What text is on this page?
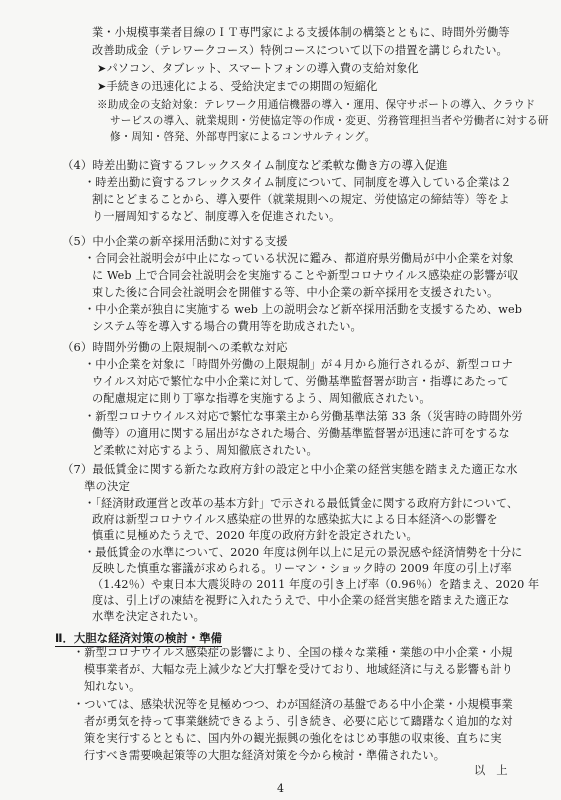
業・小規模事業者目線のＩＴ専門家による支援体制の構築とともに、時間外労働等
改善助成金（テレワークコース）特例コースについて以下の措置を講じられたい。
➤パソコン、タブレット、スマートフォンの導入費の支給対象化
➤手続きの迅速化による、受給決定までの期間の短縮化
※助成金の支給対象：テレワーク用通信機器の導入・運用、保守サポートの導入、クラウド
サービスの導入、就業規則・労使協定等の作成・変更、労務管理担当者や労働者に対する研
修・周知・啓発、外部専門家によるコンサルティング。
（4）時差出勤に資するフレックスタイム制度など柔軟な働き方の導入促進
・時差出勤に資するフレックスタイム制度について、同制度を導入している企業は２
割にとどまることから、導入要件（就業規則への規定、労使協定の締結等）等をよ
り一層周知するなど、制度導入を促進されたい。
（5）中小企業の新卒採用活動に対する支援
・合同会社説明会が中止になっている状況に鑑み、都道府県労働局が中小企業を対象
に Web 上で合同会社説明会を実施することや新型コロナウイルス感染症の影響が収
束した後に合同会社説明会を開催する等、中小企業の新卒採用を支援されたい。
・中小企業が独自に実施する web 上の説明会など新卒採用活動を支援するため、web
システム等を導入する場合の費用等を助成されたい。
（6）時間外労働の上限規制への柔軟な対応
・中小企業を対象に「時間外労働の上限規制」が４月から施行されるが、新型コロナ
ウイルス対応で繁忙な中小企業に対して、労働基準監督署が助言・指導にあたって
の配慮規定に則り丁寧な指導を実施するよう、周知徹底されたい。
・新型コロナウイルス対応で繁忙な事業主から労働基準法第 33 条（災害時の時間外労
働等）の適用に関する届出がなされた場合、労働基準監督署が迅速に許可をするな
ど柔軟に対応するよう、周知徹底されたい。
（7）最低賃金に関する新たな政府方針の設定と中小企業の経営実態を踏まえた適正な水
準の決定
Ⅱ．大胆な経済対策の検討・準備
以　上
4
・「経済財政運営と改革の基本方針」で示される最低賃金に関する政府方針について、
政府は新型コロナウイルス感染症の世界的な感染拡大による日本経済への影響を
慎重に見極めたうえで、2020 年度の政府方針を設定されたい。
・最低賃金の水準について、2020 年度は例年以上に足元の景況感や経済情勢を十分に
反映した慎重な審議が求められる。リーマン・ショック時の 2009 年度の引上げ率
（1.42％）や東日本大震災時の 2011 年度の引き上げ率（0.96％）を踏まえ、2020 年
度は、引上げの凍結を視野に入れたうえで、中小企業の経営実態を踏まえた適正な
水準を決定されたい。
・新型コロナウイルス感染症の影響により、全国の様々な業種・業態の中小企業・小規
模事業者が、大幅な売上減少など大打撃を受けており、地域経済に与える影響も計り
知れない。
・ついては、感染状況等を見極めつつ、わが国経済の基盤である中小企業・小規模事業
者が勇気を持って事業継続できるよう、引き続き、必要に応じて躊躇なく追加的な対
策を実行するとともに、国内外の観光振興の強化をはじめ事態の収束後、直ちに実
行すべき需要喚起策等の大胆な経済対策を今から検討・準備されたい。
